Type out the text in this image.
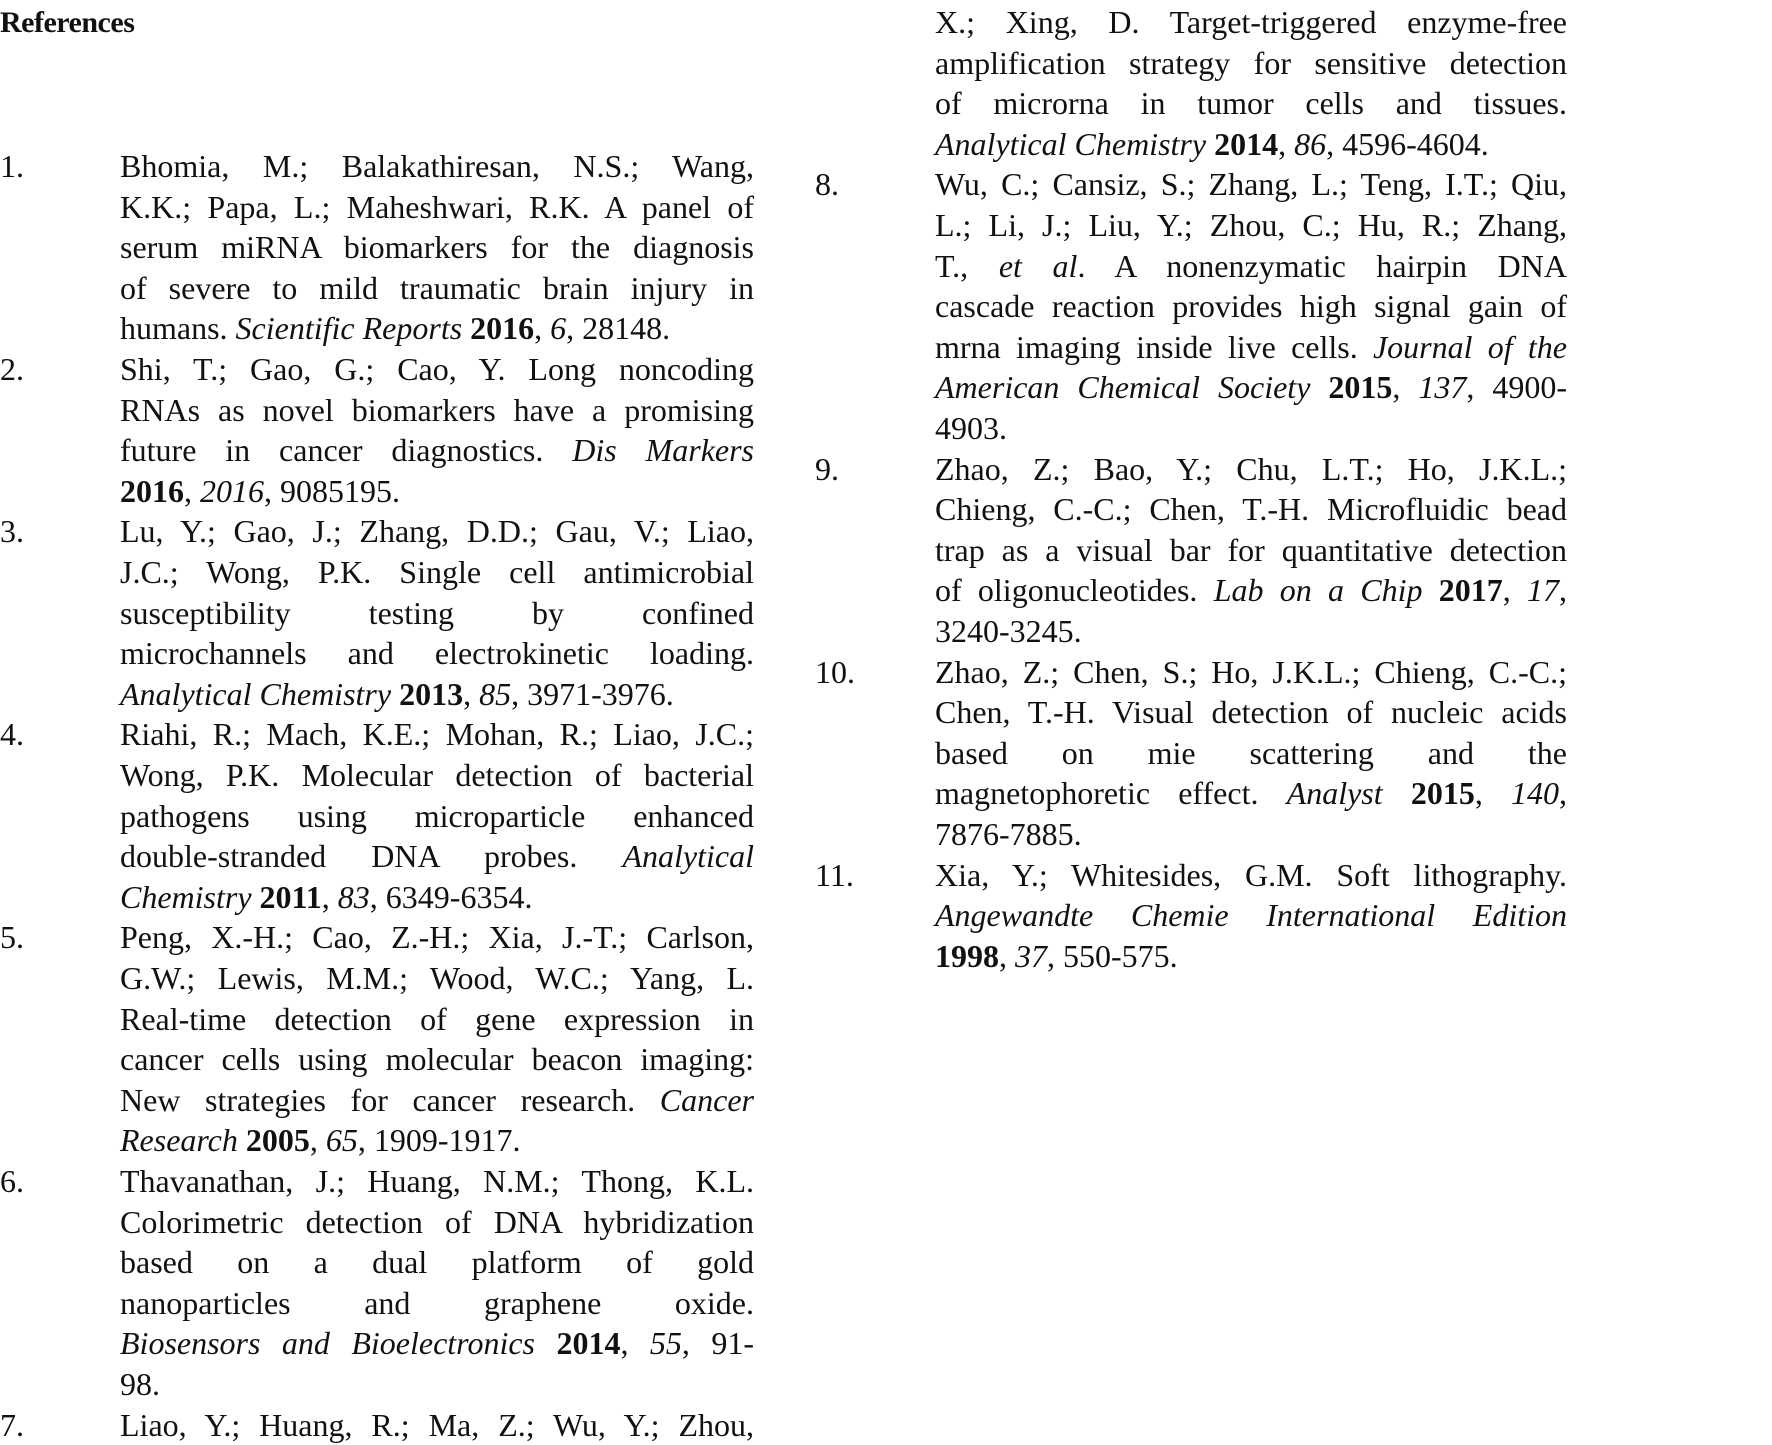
References
1.	Bhomia, M.; Balakathiresan, N.S.; Wang,
K.K.; Papa, L.; Maheshwari, R.K. A panel of
serum miRNA biomarkers for the diagnosis
of severe to mild traumatic brain injury in
humans. Scientific Reports 2016, 6, 28148.
2.	Shi, T.; Gao, G.; Cao, Y. Long noncoding
RNAs as novel biomarkers have a promising
future in cancer diagnostics. Dis Markers
2016, 2016, 9085195.
3.	Lu, Y.; Gao, J.; Zhang, D.D.; Gau, V.; Liao,
J.C.; Wong, P.K. Single cell antimicrobial
susceptibility testing by confined
microchannels and electrokinetic loading.
Analytical Chemistry 2013, 85, 3971-3976.
4.	Riahi, R.; Mach, K.E.; Mohan, R.; Liao, J.C.;
Wong, P.K. Molecular detection of bacterial
pathogens using microparticle enhanced
double-stranded DNA probes. Analytical
Chemistry 2011, 83, 6349-6354.
5.	Peng, X.-H.; Cao, Z.-H.; Xia, J.-T.; Carlson,
G.W.; Lewis, M.M.; Wood, W.C.; Yang, L.
Real-time detection of gene expression in
cancer cells using molecular beacon imaging:
New strategies for cancer research. Cancer
Research 2005, 65, 1909-1917.
6.	Thavanathan, J.; Huang, N.M.; Thong, K.L.
Colorimetric detection of DNA hybridization
based on a dual platform of gold
nanoparticles and graphene oxide.
Biosensors and Bioelectronics 2014, 55, 91-
98.
7.	Liao, Y.; Huang, R.; Ma, Z.; Wu, Y.; Zhou,
X.; Xing, D. Target-triggered enzyme-free
amplification strategy for sensitive detection
of microrna in tumor cells and tissues.
Analytical Chemistry 2014, 86, 4596-4604.
8.	Wu, C.; Cansiz, S.; Zhang, L.; Teng, I.T.; Qiu,
L.; Li, J.; Liu, Y.; Zhou, C.; Hu, R.; Zhang,
T., et al. A nonenzymatic hairpin DNA
cascade reaction provides high signal gain of
mrna imaging inside live cells. Journal of the
American Chemical Society 2015, 137, 4900-
4903.
9.	Zhao, Z.; Bao, Y.; Chu, L.T.; Ho, J.K.L.;
Chieng, C.-C.; Chen, T.-H. Microfluidic bead
trap as a visual bar for quantitative detection
of oligonucleotides. Lab on a Chip 2017, 17,
3240-3245.
10.	Zhao, Z.; Chen, S.; Ho, J.K.L.; Chieng, C.-C.;
Chen, T.-H. Visual detection of nucleic acids
based on mie scattering and the
magnetophoretic effect. Analyst 2015, 140,
7876-7885.
11.	Xia, Y.; Whitesides, G.M. Soft lithography.
Angewandte Chemie International Edition
1998, 37, 550-575.
